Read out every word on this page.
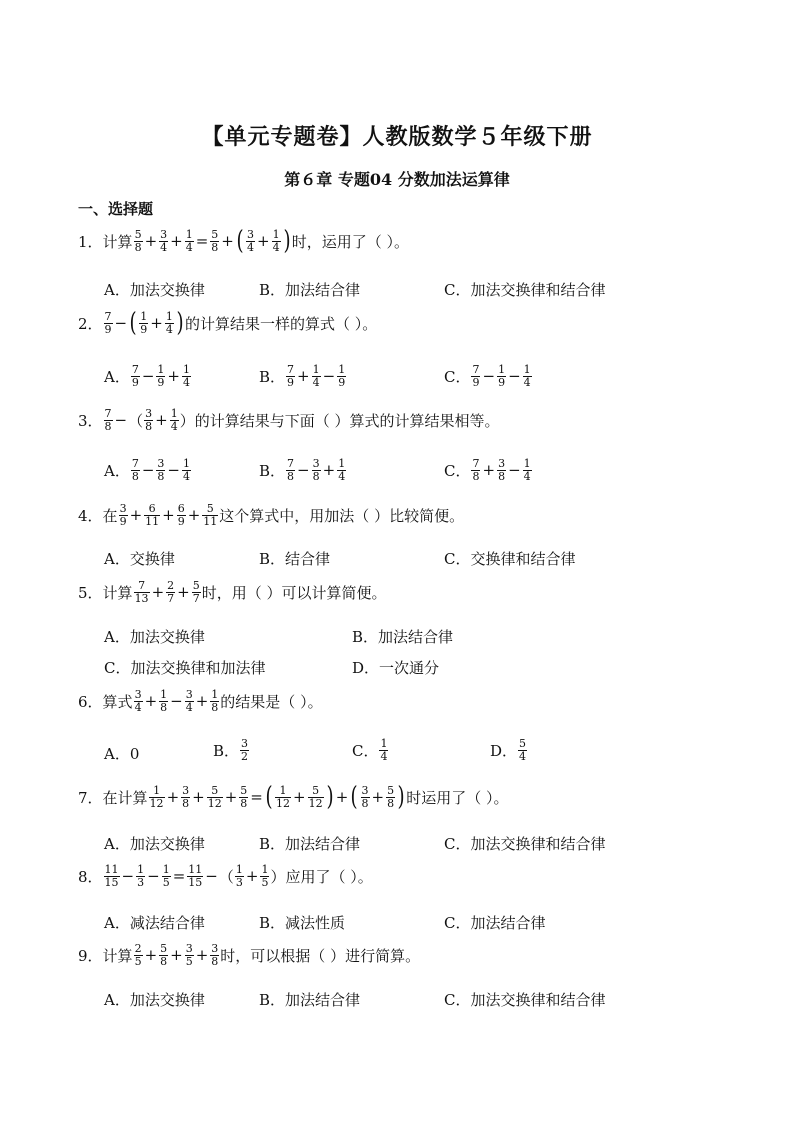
【单元专题卷】人教版数学５年级下册
第６章 专题04 分数加法运算律
一、选择题
1． 计算 $\frac{5}{8} + \frac{3}{4} + \frac{1}{4} = \frac{5}{8}$ + ( $\frac{3}{4} + \frac{1}{4}$ ) 时，运用了（ ）。
A．加法交换律	B．加法结合律	C．加法交换律和结合律
2． $\frac{7}{9}$ − ( $\frac{1}{9} + \frac{1}{4}$ ) 的计算结果一样的算式（ ）。
A． $\frac{7}{9} - \frac{1}{9} + \frac{1}{4}$	B． $\frac{7}{9} + \frac{1}{4} - \frac{1}{9}$	C． $\frac{7}{9} - \frac{1}{9} - \frac{1}{4}$
3． $\frac{7}{8}$ − （ $\frac{3}{8} + \frac{1}{4}$ ） 的计算结果与下面（ ）算式的计算结果相等。
A． $\frac{7}{8} - \frac{3}{8} - \frac{1}{4}$	B． $\frac{7}{8} - \frac{3}{8} + \frac{1}{4}$	C． $\frac{7}{8} + \frac{3}{8} - \frac{1}{4}$
4． 在 $\frac{3}{9} + \frac{6}{11} + \frac{6}{9} + \frac{5}{11}$ 这个算式中，用加法（ ）比较简便。
A．交换律	B．结合律	C．交换律和结合律
5． 计算 $\frac{7}{13} + \frac{2}{7} + \frac{5}{7}$ 时，用（ ）可以计算简便。
A．加法交换律	B．加法结合律
C．加法交换律和加法律	D．一次通分
6． 算式 $\frac{3}{4} + \frac{1}{8} - \frac{3}{4} + \frac{1}{8}$ 的结果是（ ）。
A．0	B． $\frac{3}{2}$	C． $\frac{1}{4}$	D． $\frac{5}{4}$
7． 在计算 $\frac{1}{12} + \frac{3}{8} + \frac{5}{12} + \frac{5}{8}$ = ( $\frac{1}{12} + \frac{5}{12}$ ) + ( $\frac{3}{8} + \frac{5}{8}$ ) 时运用了（ ）。
A．加法交换律	B．加法结合律	C．加法交换律和结合律
8． $\frac{11}{15} - \frac{1}{3} - \frac{1}{5} = \frac{11}{15}$ − （ $\frac{1}{3} + \frac{1}{5}$ ） 应用了（ ）。
A．减法结合律	B．减法性质	C．加法结合律
9． 计算 $\frac{2}{5} + \frac{5}{8} + \frac{3}{5} + \frac{3}{8}$ 时，可以根据（ ）进行简算。
A．加法交换律	B．加法结合律	C．加法交换律和结合律
